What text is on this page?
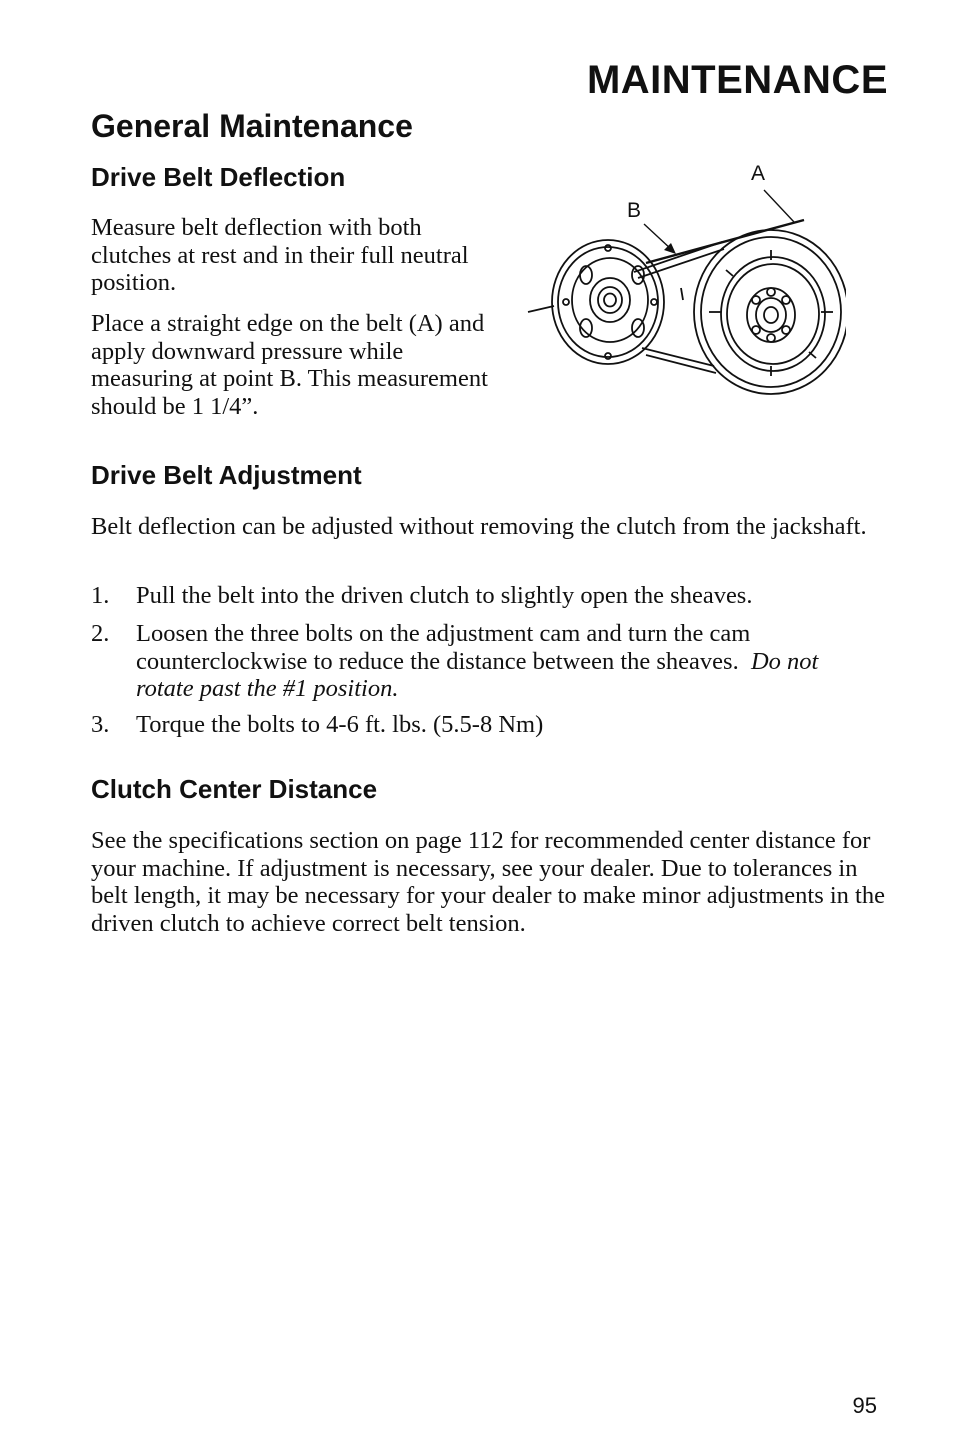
MAINTENANCE
General Maintenance
Drive Belt Deflection

Measure belt deflection with both clutches at rest and in their full neutral position.

Place a straight edge on the belt (A) and apply downward pressure while measuring at point B. This measurement should be 1 1/4”.

A
B
Drive Belt Adjustment

Belt deflection can be adjusted without removing the clutch from the jackshaft.

1. Pull the belt into the driven clutch to slightly open the sheaves.
2. Loosen the three bolts on the adjustment cam and turn the cam counterclockwise to reduce the distance between the sheaves. Do not rotate past the #1 position.
3. Torque the bolts to 4-6 ft. lbs. (5.5-8 Nm)
Clutch Center Distance

See the specifications section on page 112 for recommended center distance for your machine. If adjustment is necessary, see your dealer. Due to tolerances in belt length, it may be necessary for your dealer to make minor adjustments in the driven clutch to achieve correct belt tension.

95
